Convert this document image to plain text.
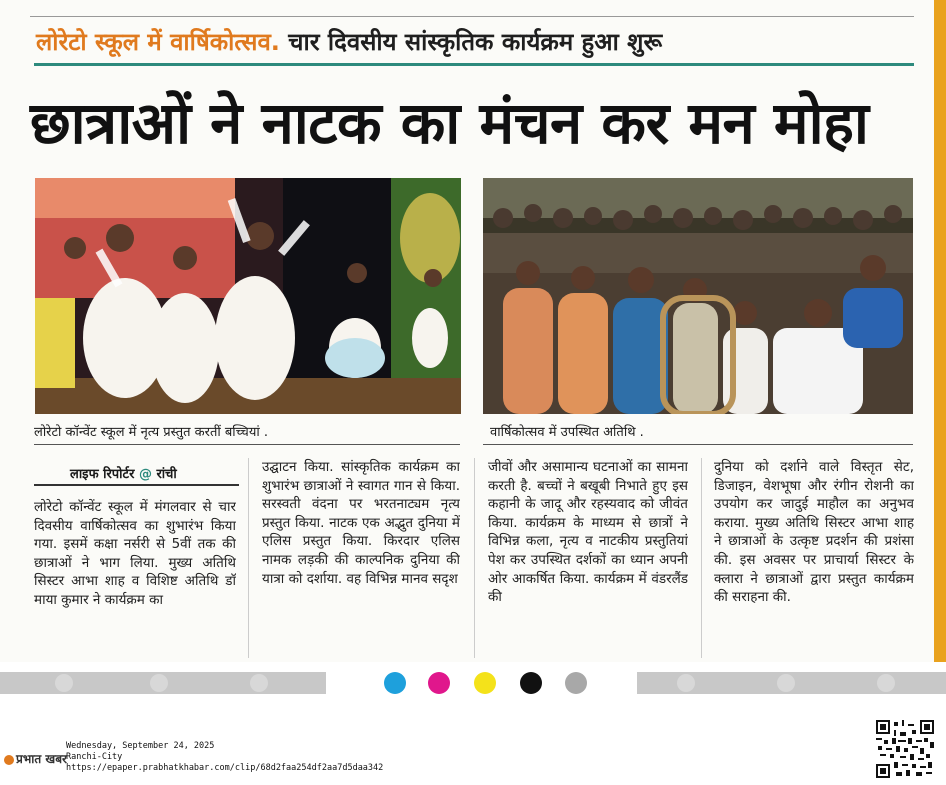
लोरेटो स्कूल में वार्षिकोत्सव. चार दिवसीय सांस्कृतिक कार्यक्रम हुआ शुरू
छात्राओं ने नाटक का मंचन कर मन मोहा
लोरेटो कॉन्वेंट स्कूल में नृत्य प्रस्तुत करतीं बच्चियां .	वार्षिकोत्सव में उपस्थित अतिथि .
लाइफ रिपोर्टर @ रांची
लोरेटो कॉन्वेंट स्कूल में मंगलवार से चार दिवसीय वार्षिकोत्सव का शुभारंभ किया गया. इसमें कक्षा नर्सरी से 5वीं तक की छात्राओं ने भाग लिया. मुख्य अतिथि सिस्टर आभा शाह व विशिष्ट अतिथि डॉ माया कुमार ने कार्यक्रम का
उद्घाटन किया. सांस्कृतिक कार्यक्रम का शुभारंभ छात्राओं ने स्वागत गान से किया. सरस्वती वंदना पर भरतनाट्यम नृत्य प्रस्तुत किया. नाटक एक अद्भुत दुनिया में एलिस प्रस्तुत किया. किरदार एलिस नामक लड़की की काल्पनिक दुनिया की यात्रा को दर्शाया. वह विभिन्न मानव सदृश
जीवों और असामान्य घटनाओं का सामना करती है. बच्चों ने बखूबी निभाते हुए इस कहानी के जादू और रहस्यवाद को जीवंत किया. कार्यक्रम के माध्यम से छात्रों ने विभिन्न कला, नृत्य व नाटकीय प्रस्तुतियां पेश कर उपस्थित दर्शकों का ध्यान अपनी ओर आकर्षित किया. कार्यक्रम में वंडरलैंड की
दुनिया को दर्शाने वाले विस्तृत सेट, डिजाइन, वेशभूषा और रंगीन रोशनी का उपयोग कर जादुई माहौल का अनुभव कराया. मुख्य अतिथि सिस्टर आभा शाह ने छात्राओं के उत्कृष्ट प्रदर्शन की प्रशंसा की. इस अवसर पर प्राचार्या सिस्टर के क्लारा ने छात्राओं द्वारा प्रस्तुत कार्यक्रम की सराहना की.
प्रभात खबर
Wednesday, September 24, 2025
Ranchi-City
https://epaper.prabhatkhabar.com/clip/68d2faa254df2aa7d5daa342
